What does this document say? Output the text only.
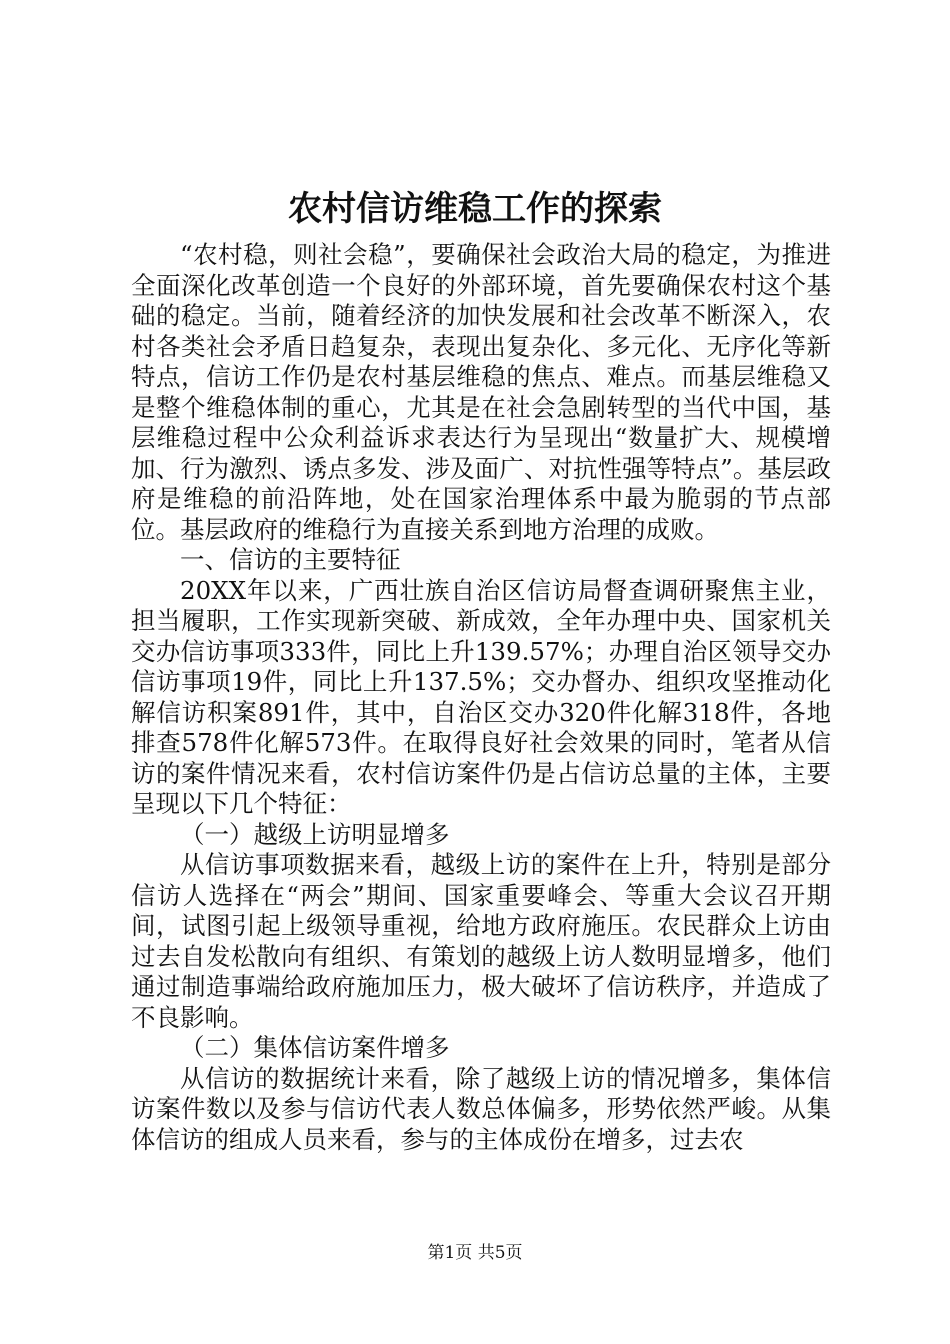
农村信访维稳工作的探索

“农村稳，则社会稳”，要确保社会政治大局的稳定，为推进全面深化改革创造一个良好的外部环境，首先要确保农村这个基础的稳定。当前，随着经济的加快发展和社会改革不断深入，农村各类社会矛盾日趋复杂，表现出复杂化、多元化、无序化等新特点，信访工作仍是农村基层维稳的焦点、难点。而基层维稳又是整个维稳体制的重心，尤其是在社会急剧转型的当代中国，基层维稳过程中公众利益诉求表达行为呈现出“数量扩大、规模增加、行为激烈、诱点多发、涉及面广、对抗性强等特点”。基层政府是维稳的前沿阵地，处在国家治理体系中最为脆弱的节点部位。基层政府的维稳行为直接关系到地方治理的成败。

一、信访的主要特征

20XX年以来，广西壮族自治区信访局督查调研聚焦主业，担当履职，工作实现新突破、新成效，全年办理中央、国家机关交办信访事项333件，同比上升139.57%；办理自治区领导交办信访事项19件，同比上升137.5%；交办督办、组织攻坚推动化解信访积案891件，其中，自治区交办320件化解318件，各地排查578件化解573件。在取得良好社会效果的同时，笔者从信访的案件情况来看，农村信访案件仍是占信访总量的主体，主要呈现以下几个特征：

（一）越级上访明显增多

从信访事项数据来看，越级上访的案件在上升，特别是部分信访人选择在“两会”期间、国家重要峰会、等重大会议召开期间，试图引起上级领导重视，给地方政府施压。农民群众上访由过去自发松散向有组织、有策划的越级上访人数明显增多，他们通过制造事端给政府施加压力，极大破坏了信访秩序，并造成了不良影响。

（二）集体信访案件增多

从信访的数据统计来看，除了越级上访的情况增多，集体信访案件数以及参与信访代表人数总体偏多，形势依然严峻。从集体信访的组成人员来看，参与的主体成份在增多，过去农

第1页 共5页
